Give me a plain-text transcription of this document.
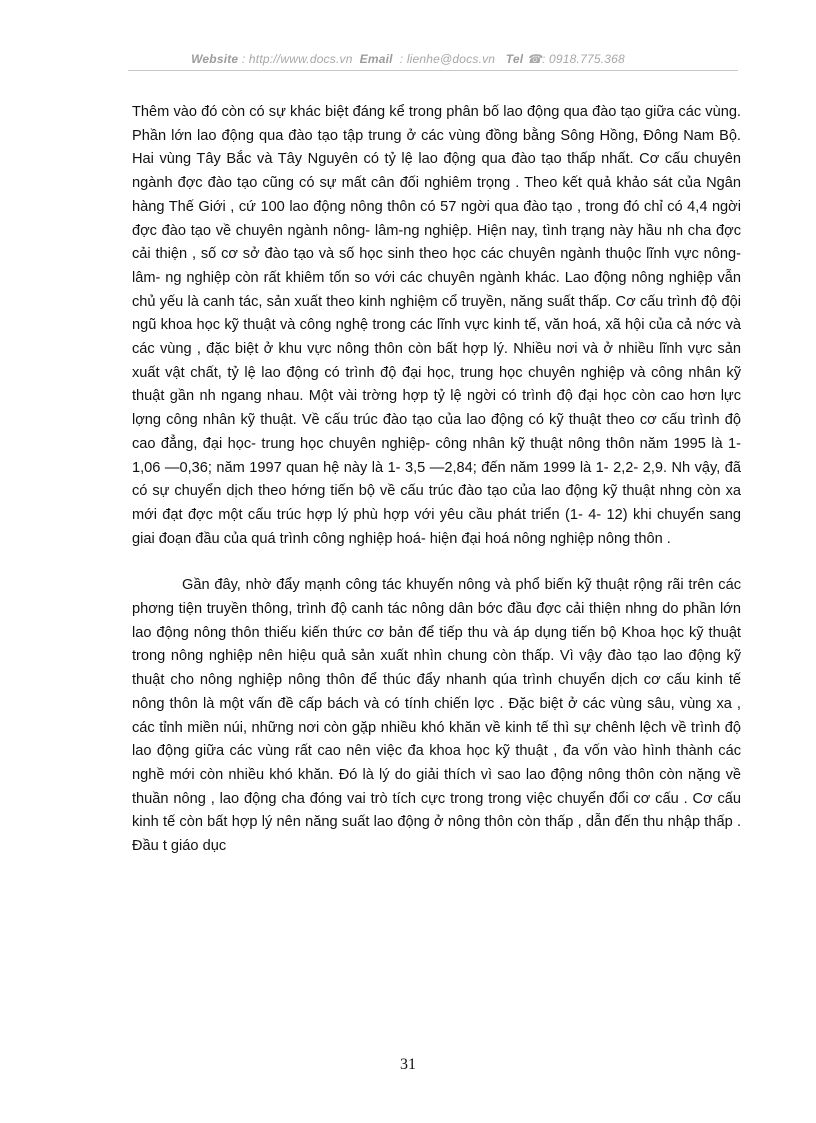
Website : http://www.docs.vn Email : lienhe@docs.vn Tel ☎: 0918.775.368

Thêm vào đó còn có sự khác biệt đáng kể trong phân bố lao động qua đào tạo giữa các vùng. Phần lớn lao động qua đào tạo tập trung ở các vùng đồng bằng Sông Hồng, Đông Nam Bộ. Hai vùng Tây Bắc và Tây Nguyên có tỷ lệ lao động qua đào tạo thấp nhất. Cơ cấu chuyên ngành đợc đào tạo cũng có sự mất cân đối nghiêm trọng . Theo kết quả khảo sát của Ngân hàng Thế Giới , cứ 100 lao động nông thôn có 57 ngời qua đào tạo , trong đó chỉ có 4,4 ngời đợc đào tạo về chuyên ngành nông- lâm-ng nghiệp. Hiện nay, tình trạng này hầu nh cha đợc cải thiện , số cơ sở đào tạo và số học sinh theo học các chuyên ngành thuộc lĩnh vực nông- lâm- ng nghiệp còn rất khiêm tốn so với các chuyên ngành khác. Lao động nông nghiệp vẫn chủ yếu là canh tác, sản xuất theo kinh nghiệm cổ truyền, năng suất thấp. Cơ cấu trình độ đội ngũ khoa học kỹ thuật và công nghệ trong các lĩnh vực kinh tế, văn hoá, xã hội của cả nớc và các vùng , đặc biệt ở khu vực nông thôn còn bất hợp lý. Nhiều nơi và ở nhiều lĩnh vực sản xuất vật chất, tỷ lệ lao động có trình độ đại học, trung học chuyên nghiệp và công nhân kỹ thuật gần nh ngang nhau. Một vài trờng hợp tỷ lệ ngời có trình độ đại học còn cao hơn lực lợng công nhân kỹ thuật. Về cấu trúc đào tạo của lao động có kỹ thuật theo cơ cấu trình độ cao đẳng, đại học- trung học chuyên nghiệp- công nhân kỹ thuật nông thôn năm 1995 là 1- 1,06 —0,36; năm 1997 quan hệ này là 1- 3,5 —2,84; đến năm 1999 là 1- 2,2- 2,9. Nh vậy, đã có sự chuyển dịch theo hớng tiến bộ về cấu trúc đào tạo của lao động kỹ thuật nhng còn xa mới đạt đợc một cấu trúc hợp lý phù hợp với yêu cầu phát triển (1- 4- 12) khi chuyển sang giai đoạn đầu của quá trình công nghiệp hoá- hiện đại hoá nông nghiệp nông thôn .

Gần đây, nhờ đẩy mạnh công tác khuyến nông và phổ biến kỹ thuật rộng rãi trên các phơng tiện truyền thông, trình độ canh tác nông dân bớc đầu đợc cải thiện nhng do phần lớn lao động nông thôn thiếu kiến thức cơ bản để tiếp thu và áp dụng tiến bộ Khoa học kỹ thuật trong nông nghiệp nên hiệu quả sản xuất nhìn chung còn thấp. Vì vậy đào tạo lao động kỹ thuật cho nông nghiệp nông thôn để thúc đẩy nhanh qúa trình chuyển dịch cơ cấu kinh tế nông thôn là một vấn đề cấp bách và có tính chiến lợc . Đặc biệt ở các vùng sâu, vùng xa , các tỉnh miền núi, những nơi còn gặp nhiều khó khăn về kinh tế thì sự chênh lệch về trình độ lao động giữa các vùng rất cao nên việc đa khoa học kỹ thuật , đa vốn vào hình thành các nghề mới còn nhiều khó khăn. Đó là lý do giải thích vì sao lao động nông thôn còn nặng về thuần nông , lao động cha đóng vai trò tích cực trong trong việc chuyển đổi cơ cấu . Cơ cấu kinh tế còn bất hợp lý nên năng suất lao động ở nông thôn còn thấp , dẫn đến thu nhập thấp . Đầu t giáo dục

31
